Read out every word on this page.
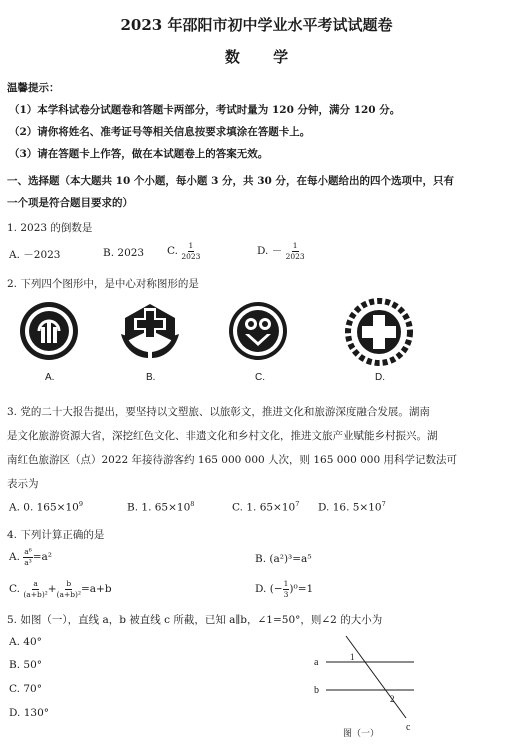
2023 年邵阳市初中学业水平考试试题卷
数 学
温馨提示：
（1）本学科试卷分试题卷和答题卡两部分，考试时量为 120 分钟，满分 120 分。
（2）请你将姓名、准考证号等相关信息按要求填涂在答题卡上。
（3）请在答题卡上作答，做在本试题卷上的答案无效。
一、选择题（本大题共 10 个小题，每小题 3 分，共 30 分，在每小题给出的四个选项中，只有
一个项是符合题目要求的）
1. 2023 的倒数是
A. －2023	B. 2023 C. $\frac{1}{2023}$	D. － $\frac{1}{2023}$
2. 下列四个图形中，是中心对称图形的是
A.	B.	C.	D.
3. 党的二十大报告提出，要坚持以文塑旅、以旅彰文，推进文化和旅游深度融合发展。湖南
是文化旅游资源大省，深挖红色文化、非遗文化和乡村文化，推进文旅产业赋能乡村振兴。湖
南红色旅游区（点）2022 年接待游客约 165 000 000 人次，则 165 000 000 用科学记数法可
表示为
A. 0. $165\times 10^9$	B. 1. $65\times 10^8$	C. 1. $65\times 10^7$ D. 16. $5\times 10^7$
4. 下列计算正确的是
A. $\frac{\text{a⁶}}{\text{a³}} =a^2$	B. (a²)³=a⁵
C. $\frac{a}{\text{(a+b)²}} + \frac{b}{\text{(a+b)²}} =a+b$	D. (− $\frac{1}{3} )^0=1$
5. 如图（一），直线 a，b 被直线 c 所截，已知 a∥b，∠1=50°，则∠2 的大小为
A. 40°
B. 50°
C. 70°
D. 130°
a
b
c
1
2
图（一）
